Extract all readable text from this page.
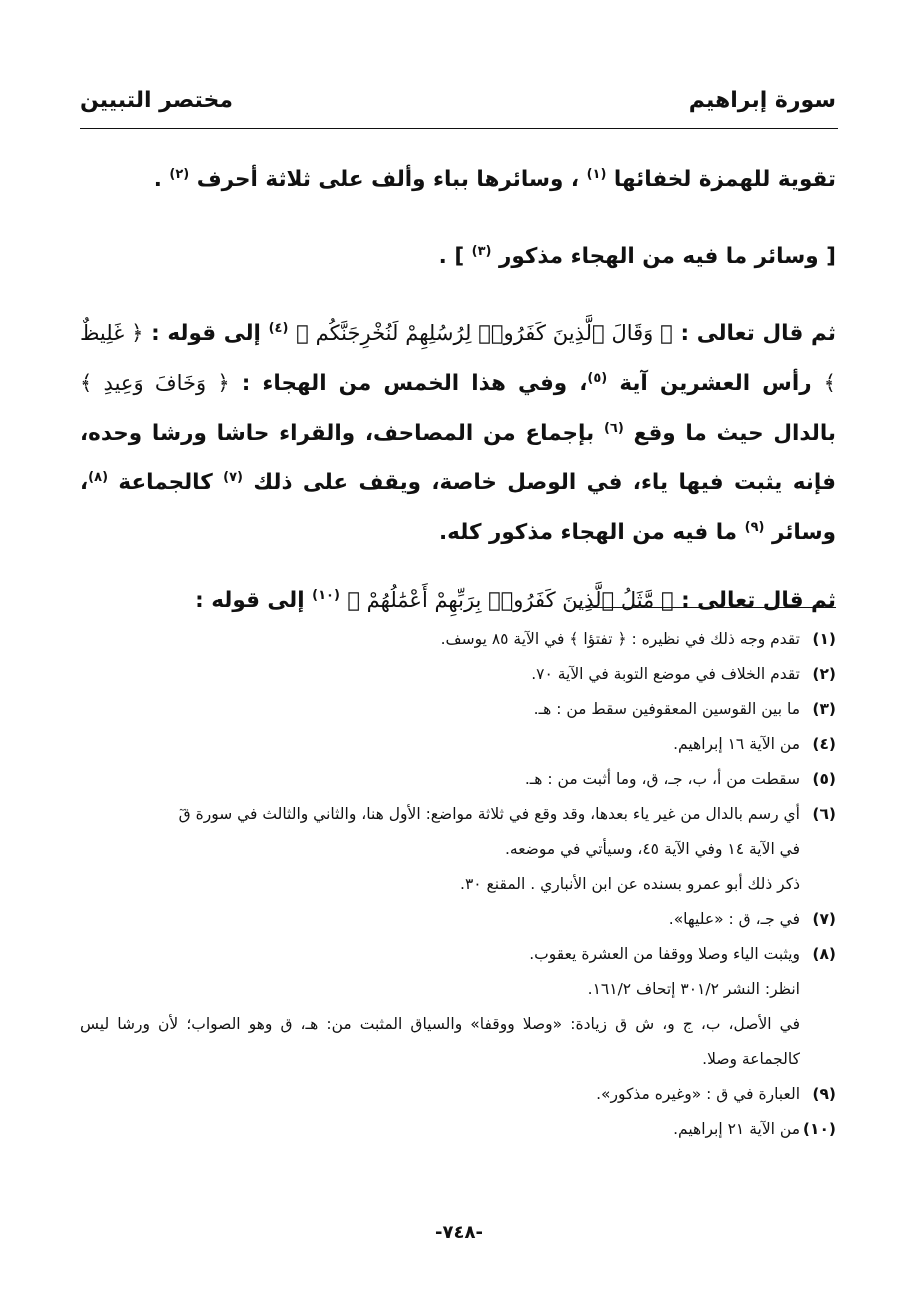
سورة إبراهيم
مختصر التبيين

تقوية للهمزة لخفائها $^{(١)}$ ، وسائرها بباء وألف على ثلاثة أحرف $^{(٢)}$ .

[ وسائر ما فيه من الهجاء مذكور $^{(٣)}$ ] .

ثم قال تعالى : ﴿ وَقَالَ ٱلَّذِينَ كَفَرُوا۟ لِرُسُلِهِمْ لَنُخْرِجَنَّكُم ﴾ $^{(٤)}$ إلى قوله : ﴿ غَلِيظٌ ﴾ رأس العشرين آية $^{(٥)}$، وفي هذا الخمس من الهجاء : ﴿ وَخَافَ وَعِيدِ ﴾ بالدال حيث ما وقع $^{(٦)}$ بإجماع من المصاحف، والقراء حاشا ورشا وحده، فإنه يثبت فيها ياء، في الوصل خاصة، ويقف على ذلك $^{(٧)}$ كالجماعة $^{(٨)}$، وسائر $^{(٩)}$ ما فيه من الهجاء مذكور كله.

ثم قال تعالى : ﴿ مَّثَلُ ٱلَّذِينَ كَفَرُوا۟ بِرَبِّهِمْ أَعْمَٰلُهُمْ ﴾ $^{(١٠)}$ إلى قوله :

(١)
تقدم وجه ذلك في نظيره : ﴿ تفتؤا ﴾ في الآية ٨٥ يوسف.
(٢)
تقدم الخلاف في موضع التوبة في الآية ٧٠.
(٣)
ما بين القوسين المعقوفين سقط من : هـ.
(٤)
من الآية ١٦ إبراهيم.
(٥)
سقطت من أ، ب، جـ، ق، وما أثبت من : هـ.
(٦)
أي رسم بالدال من غير ياء بعدها، وقد وقع في ثلاثة مواضع: الأول هنا، والثاني والثالث في سورة قٓ
في الآية ١٤ وفي الآية ٤٥، وسيأتي في موضعه.
ذكر ذلك أبو عمرو بسنده عن ابن الأنباري . المقنع ٣٠.
(٧)
في جـ، ق : «عليها».
(٨)
ويثبت الياء وصلا ووقفا من العشرة يعقوب.
انظر: النشر ٣٠١/٢ إتحاف ١٦١/٢.
في الأصل، ب، ج و، ش ق زيادة: «وصلا ووقفا» والسياق المثبت من: هـ، ق وهو الصواب؛ لأن ورشا ليس كالجماعة وصلا.
(٩)
العبارة في ق : «وغيره مذكور».
(١٠)
من الآية ٢١ إبراهيم.
-٧٤٨-
